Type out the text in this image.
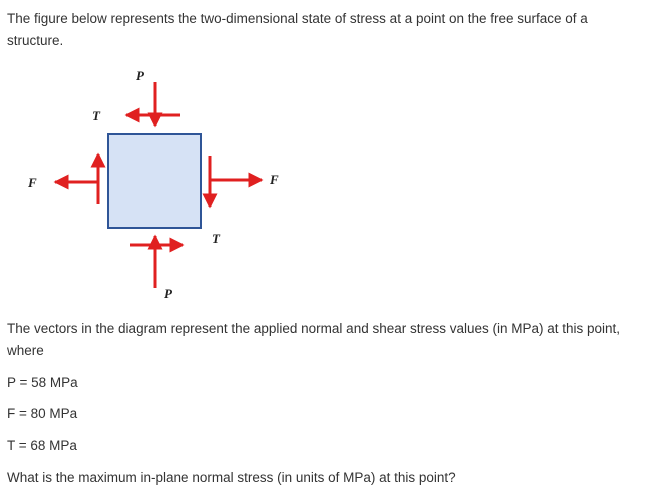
The figure below represents the two-dimensional state of stress at a point on the free surface of a structure.

P
T
F	F
T
P

The vectors in the diagram represent the applied normal and shear stress values (in MPa) at this point, where

P = 58 MPa

F = 80 MPa

T = 68 MPa

What is the maximum in-plane normal stress (in units of MPa) at this point?
